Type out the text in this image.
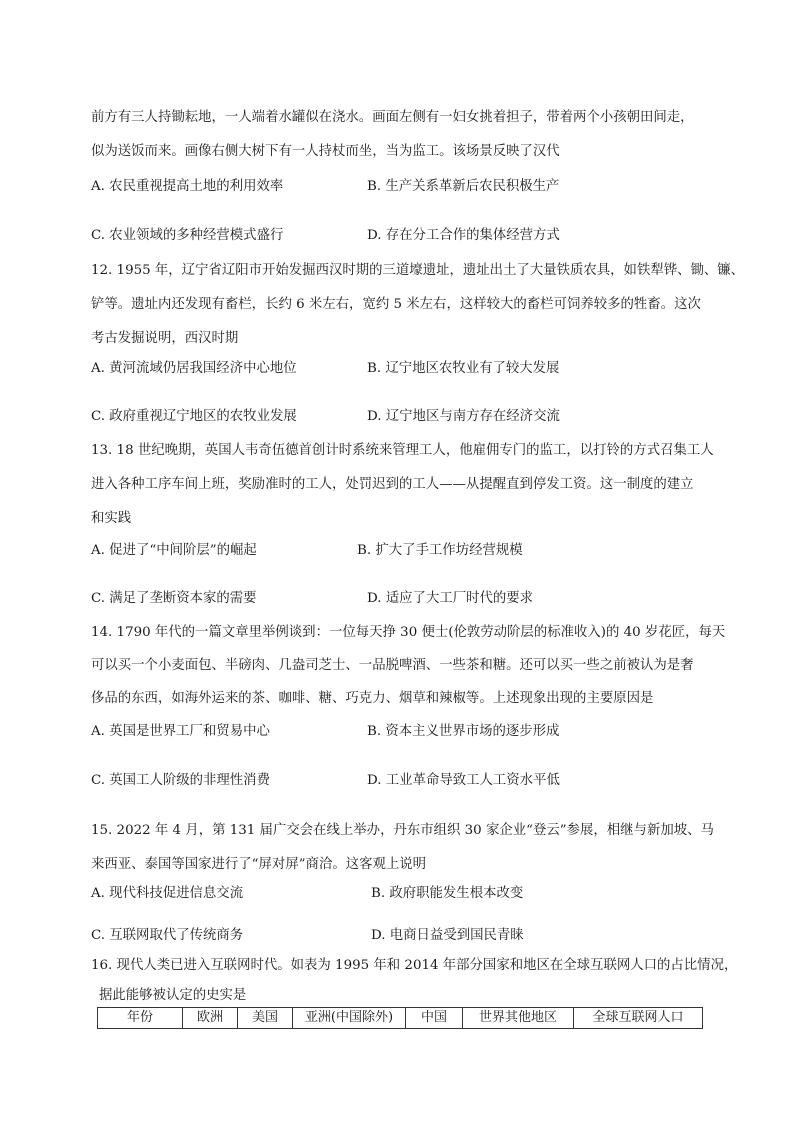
前方有三人持锄耘地，一人端着水罐似在浇水。画面左侧有一妇女挑着担子，带着两个小孩朝田间走，
似为送饭而来。画像右侧大树下有一人持杖而坐，当为监工。该场景反映了汉代
A. 农民重视提高土地的利用效率	B. 生产关系革新后农民积极生产
C. 农业领域的多种经营模式盛行	D. 存在分工合作的集体经营方式
12. 1955 年，辽宁省辽阳市开始发掘西汉时期的三道壕遗址，遗址出土了大量铁质农具，如铁犁铧、锄、镰、
铲等。遗址内还发现有畜栏，长约 6 米左右，宽约 5 米左右，这样较大的畜栏可饲养较多的牲畜。这次
考古发掘说明，西汉时期
A. 黄河流域仍居我国经济中心地位	B. 辽宁地区农牧业有了较大发展
C. 政府重视辽宁地区的农牧业发展	D. 辽宁地区与南方存在经济交流
13. 18 世纪晚期，英国人韦奇伍德首创计时系统来管理工人，他雇佣专门的监工，以打铃的方式召集工人
进入各种工序车间上班，奖励准时的工人，处罚迟到的工人——从提醒直到停发工资。这一制度的建立
和实践
A. 促进了“中间阶层”的崛起	B. 扩大了手工作坊经营规模
C. 满足了垄断资本家的需要	D. 适应了大工厂时代的要求
14. 1790 年代的一篇文章里举例谈到：一位每天挣 30 便士(伦敦劳动阶层的标准收入)的 40 岁花匠，每天
可以买一个小麦面包、半磅肉、几盎司芝士、一品脱啤酒、一些茶和糖。还可以买一些之前被认为是奢
侈品的东西，如海外运来的茶、咖啡、糖、巧克力、烟草和辣椒等。上述现象出现的主要原因是
A. 英国是世界工厂和贸易中心	B. 资本主义世界市场的逐步形成
C. 英国工人阶级的非理性消费	D. 工业革命导致工人工资水平低
15. 2022 年 4 月，第 131 届广交会在线上举办，丹东市组织 30 家企业“登云”参展，相继与新加坡、马
来西亚、泰国等国家进行了“屏对屏”商洽。这客观上说明
A. 现代科技促进信息交流	B. 政府职能发生根本改变
C. 互联网取代了传统商务	D. 电商日益受到国民青睐
16. 现代人类已进入互联网时代。如表为 1995 年和 2014 年部分国家和地区在全球互联网人口的占比情况，
据此能够被认定的史实是
年份	欧洲	美国	亚洲(中国除外)	中国	世界其他地区	全球互联网人口
